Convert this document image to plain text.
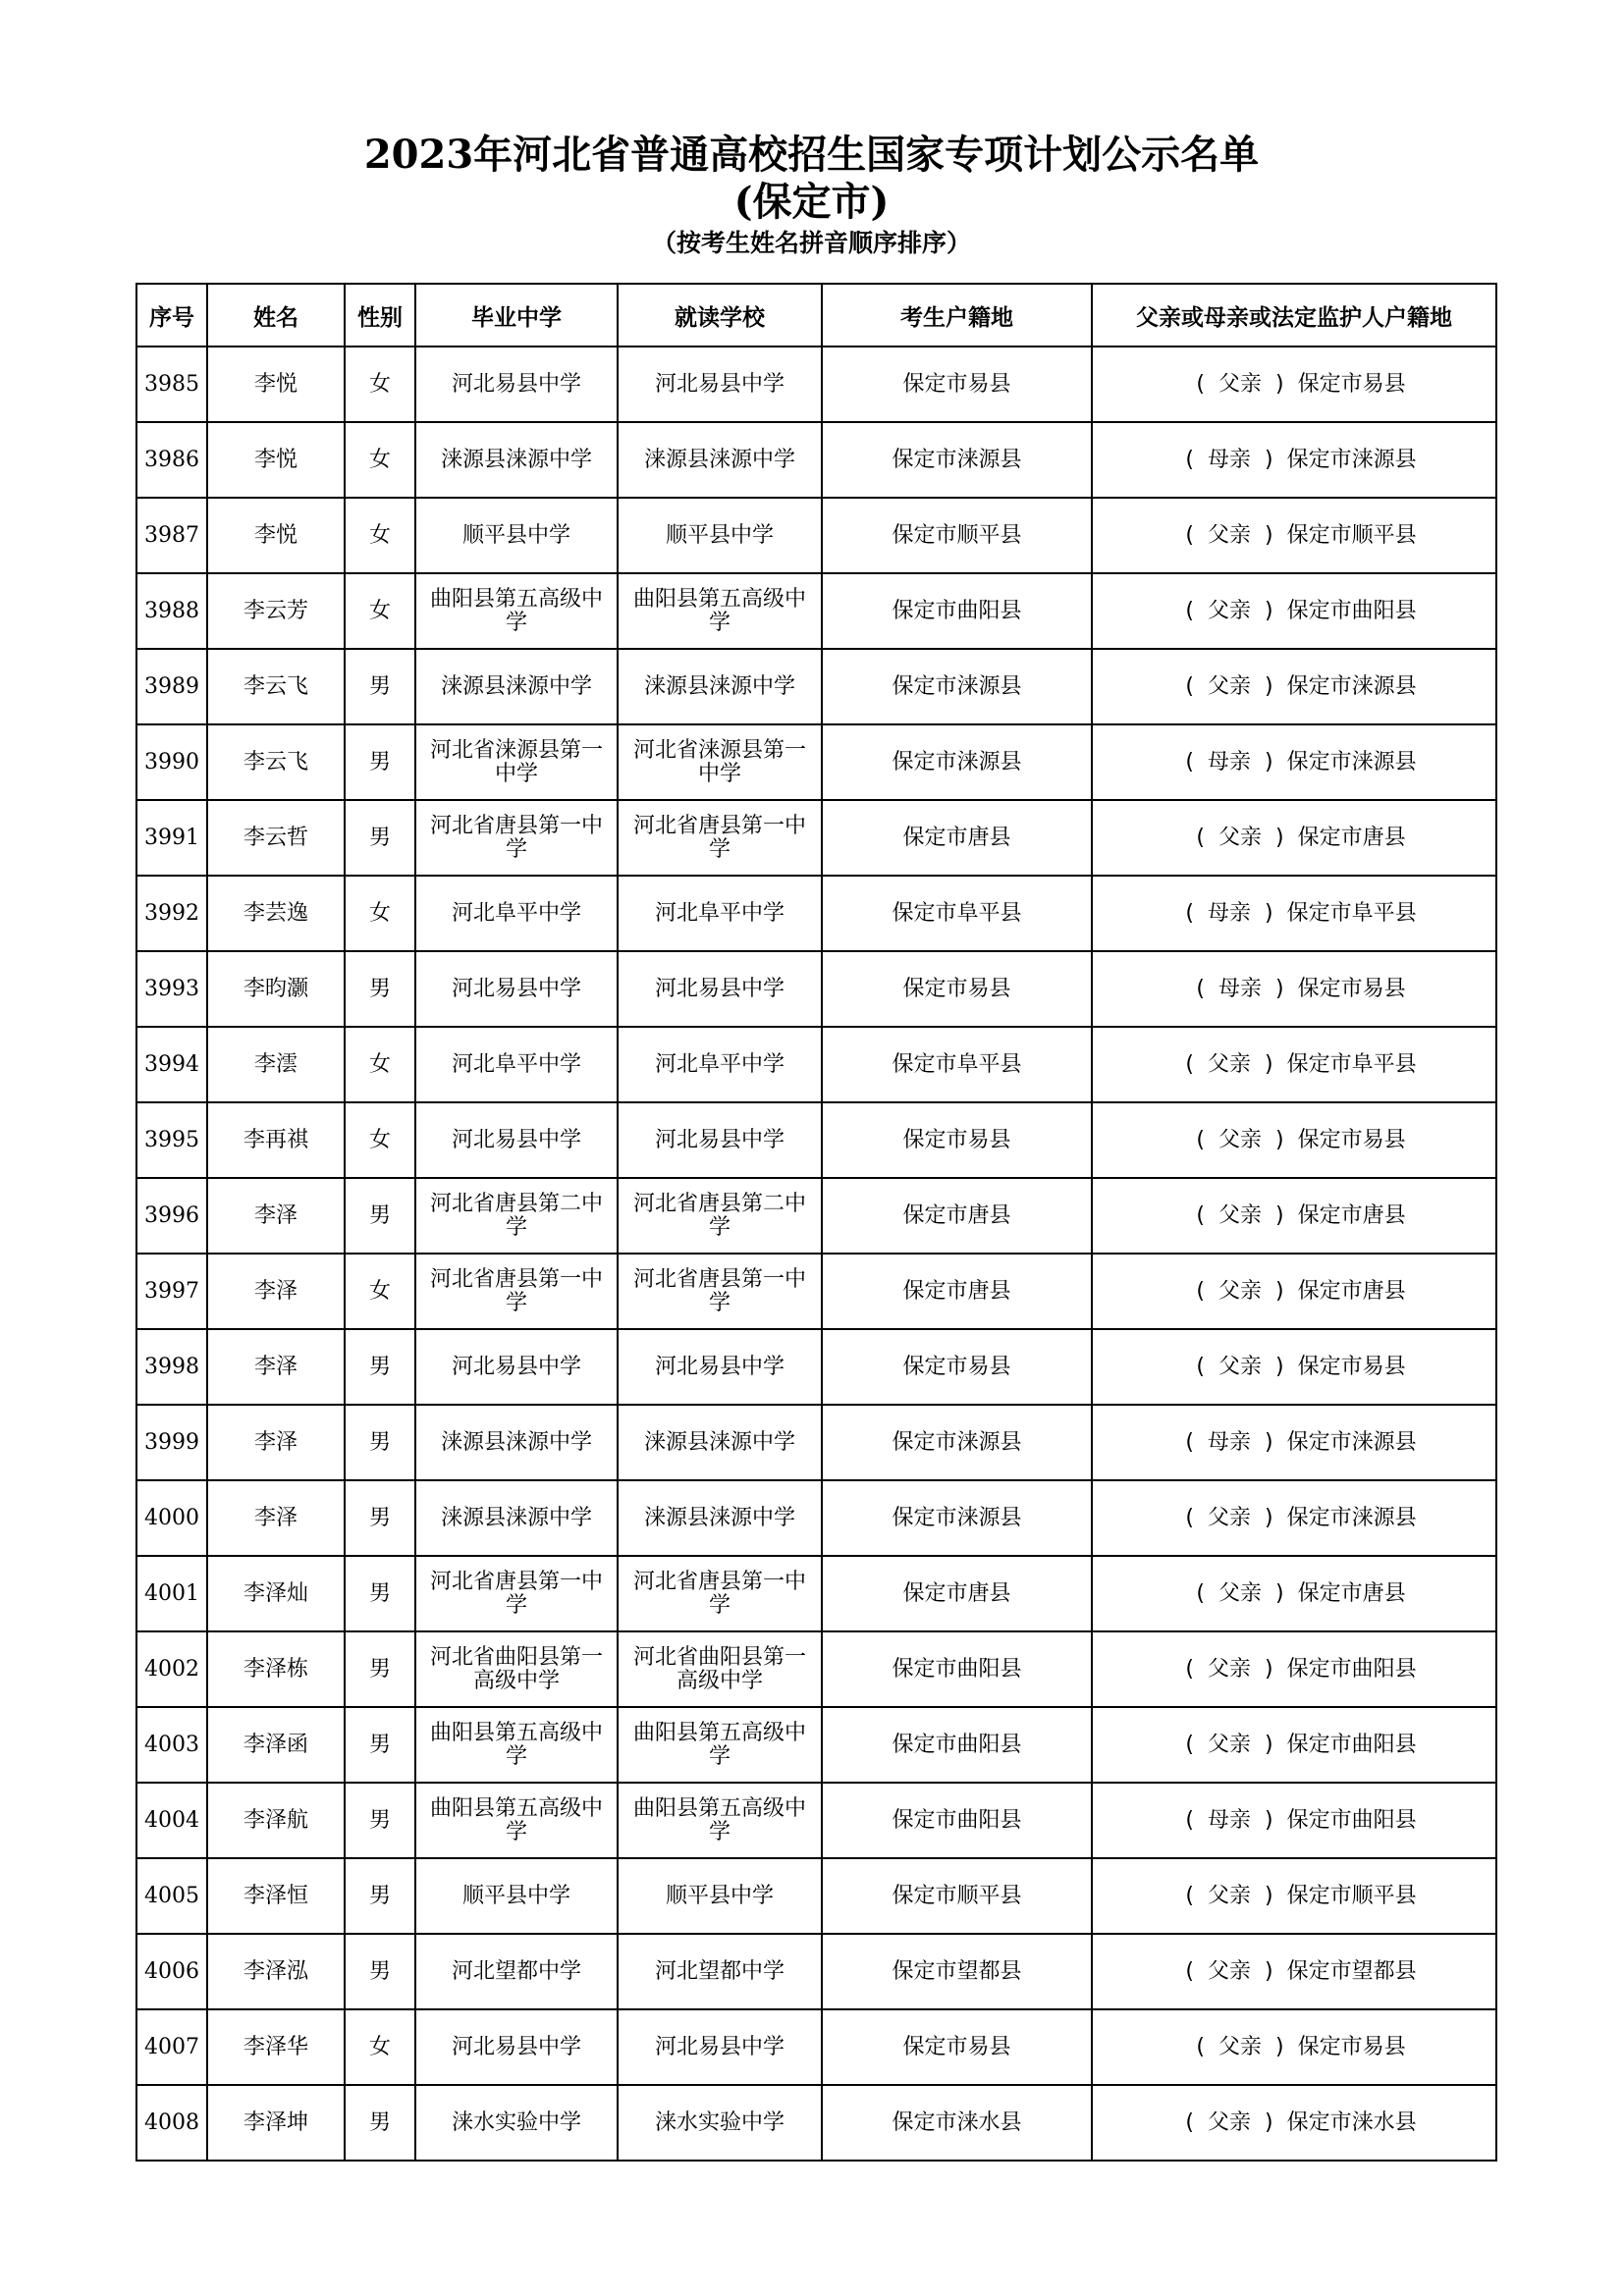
2023年河北省普通高校招生国家专项计划公示名单
(保定市)
（按考生姓名拼音顺序排序）
序号	姓名	性别	毕业中学	就读学校	考生户籍地	父亲或母亲或法定监护人户籍地
3985	李悦	女	河北易县中学	河北易县中学	保定市易县	( 父亲 ) 保定市易县
3986	李悦	女	涞源县涞源中学	涞源县涞源中学	保定市涞源县	( 母亲 ) 保定市涞源县
3987	李悦	女	顺平县中学	顺平县中学	保定市顺平县	( 父亲 ) 保定市顺平县
3988	李云芳	女	曲阳县第五高级中学	曲阳县第五高级中学	保定市曲阳县	( 父亲 ) 保定市曲阳县
3989	李云飞	男	涞源县涞源中学	涞源县涞源中学	保定市涞源县	( 父亲 ) 保定市涞源县
3990	李云飞	男	河北省涞源县第一中学	河北省涞源县第一中学	保定市涞源县	( 母亲 ) 保定市涞源县
3991	李云哲	男	河北省唐县第一中学	河北省唐县第一中学	保定市唐县	( 父亲 ) 保定市唐县
3992	李芸逸	女	河北阜平中学	河北阜平中学	保定市阜平县	( 母亲 ) 保定市阜平县
3993	李昀灏	男	河北易县中学	河北易县中学	保定市易县	( 母亲 ) 保定市易县
3994	李澐	女	河北阜平中学	河北阜平中学	保定市阜平县	( 父亲 ) 保定市阜平县
3995	李再祺	女	河北易县中学	河北易县中学	保定市易县	( 父亲 ) 保定市易县
3996	李泽	男	河北省唐县第二中学	河北省唐县第二中学	保定市唐县	( 父亲 ) 保定市唐县
3997	李泽	女	河北省唐县第一中学	河北省唐县第一中学	保定市唐县	( 父亲 ) 保定市唐县
3998	李泽	男	河北易县中学	河北易县中学	保定市易县	( 父亲 ) 保定市易县
3999	李泽	男	涞源县涞源中学	涞源县涞源中学	保定市涞源县	( 母亲 ) 保定市涞源县
4000	李泽	男	涞源县涞源中学	涞源县涞源中学	保定市涞源县	( 父亲 ) 保定市涞源县
4001	李泽灿	男	河北省唐县第一中学	河北省唐县第一中学	保定市唐县	( 父亲 ) 保定市唐县
4002	李泽栋	男	河北省曲阳县第一高级中学	河北省曲阳县第一高级中学	保定市曲阳县	( 父亲 ) 保定市曲阳县
4003	李泽函	男	曲阳县第五高级中学	曲阳县第五高级中学	保定市曲阳县	( 父亲 ) 保定市曲阳县
4004	李泽航	男	曲阳县第五高级中学	曲阳县第五高级中学	保定市曲阳县	( 母亲 ) 保定市曲阳县
4005	李泽恒	男	顺平县中学	顺平县中学	保定市顺平县	( 父亲 ) 保定市顺平县
4006	李泽泓	男	河北望都中学	河北望都中学	保定市望都县	( 父亲 ) 保定市望都县
4007	李泽华	女	河北易县中学	河北易县中学	保定市易县	( 父亲 ) 保定市易县
4008	李泽坤	男	涞水实验中学	涞水实验中学	保定市涞水县	( 父亲 ) 保定市涞水县
